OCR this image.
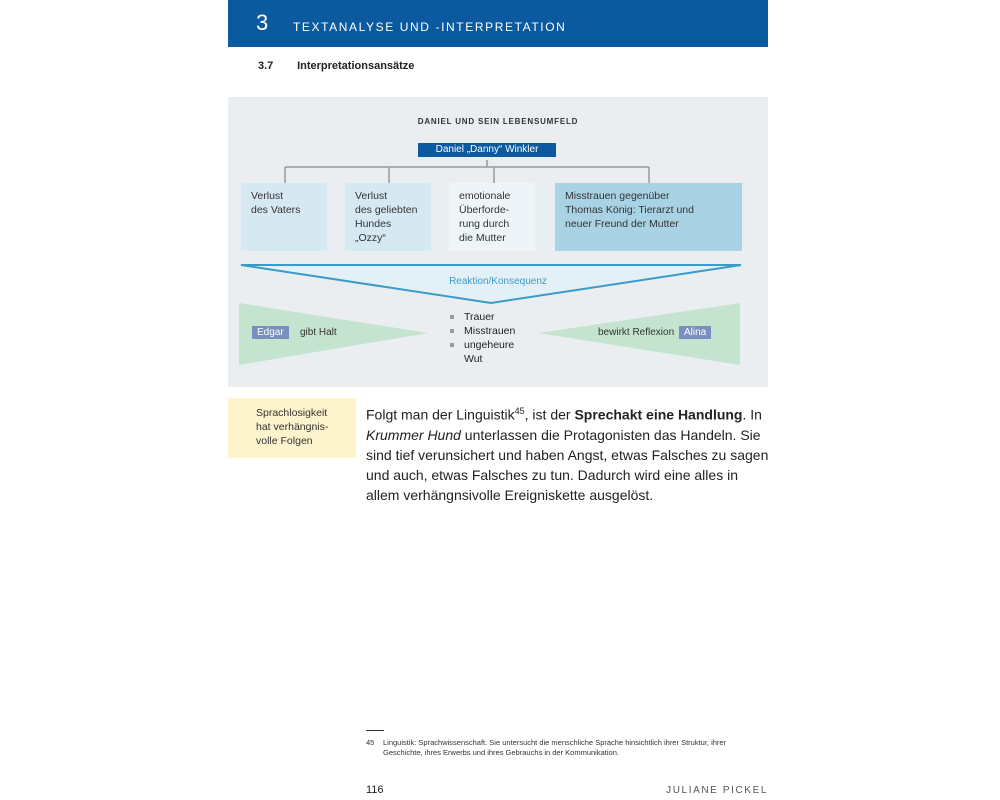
3 TEXTANALYSE UND -INTERPRETATION
3.7 Interpretationsansätze
DANIEL UND SEIN LEBENSUMFELD
Daniel „Danny“ Winkler
Verlust
des Vaters
Verlust
des geliebten
Hundes
„Ozzy“
emotionale
Überforde-
rung durch
die Mutter
Misstrauen gegenüber
Thomas König: Tierarzt und
neuer Freund der Mutter
Reaktion/Konsequenz
Edgar	gibt Halt	bewirkt Reflexion Alina
Trauer
Misstrauen
ungeheure
Wut
Sprachlosigkeit
hat verhängnis-
volle Folgen
Folgt man der Linguistik$^{45}$, ist der Sprechakt eine Handlung. In Krummer Hund unterlassen die Protagonisten das Handeln. Sie sind tief verunsichert und haben Angst, etwas Falsches zu sagen und auch, etwas Falsches zu tun. Dadurch wird eine alles in allem verhängnsivolle Ereigniskette ausgelöst.
45	Linguistik: Sprachwissenschaft. Sie untersucht die menschliche Sprache hinsichtlich ihrer Struktur, ihrer Geschichte, ihres Erwerbs und ihres Gebrauchs in der Kommunikation.
116	JULIANE PICKEL
